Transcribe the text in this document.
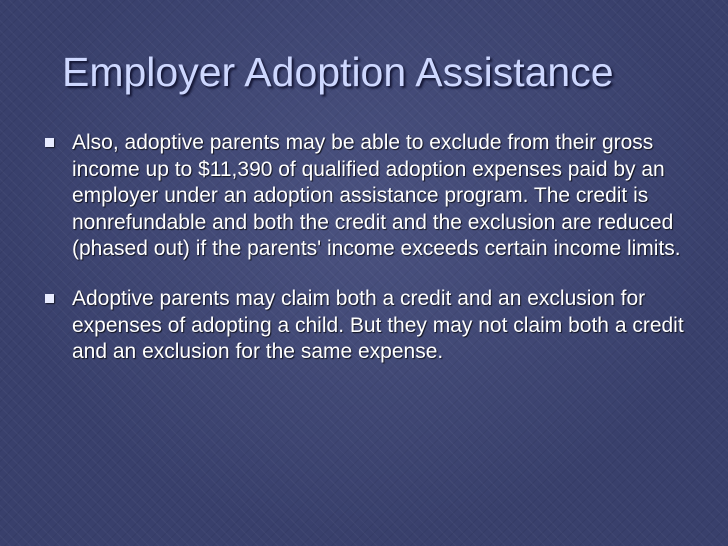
Employer Adoption Assistance
Also, adoptive parents may be able to exclude from their gross income up to $11,390 of qualified adoption expenses paid by an employer under an adoption assistance program. The credit is nonrefundable and both the credit and the exclusion are reduced (phased out) if the parents' income exceeds certain income limits.
Adoptive parents may claim both a credit and an exclusion for expenses of adopting a child. But they may not claim both a credit and an exclusion for the same expense.
